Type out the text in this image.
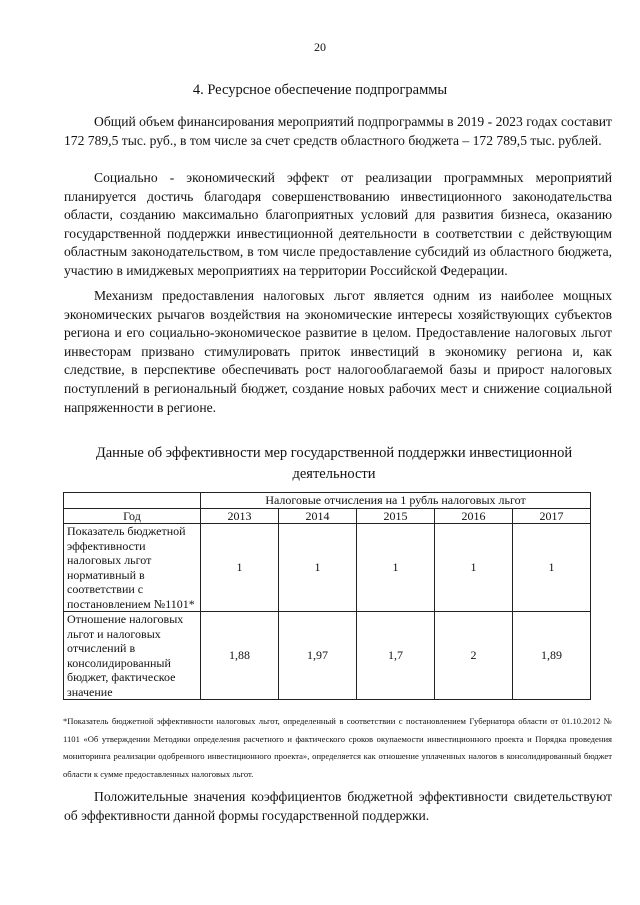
20
4. Ресурсное обеспечение подпрограммы

Общий объем финансирования мероприятий подпрограммы в 2019 - 2023 годах составит 172 789,5 тыс. руб., в том числе за счет средств областного бюджета – 172 789,5 тыс. рублей.

Социально - экономический эффект от реализации программных мероприятий планируется достичь благодаря совершенствованию инвестиционного законодательства области, созданию максимально благоприятных условий для развития бизнеса, оказанию государственной поддержки инвестиционной деятельности в соответствии с действующим областным законодательством, в том числе предоставление субсидий из областного бюджета, участию в имиджевых мероприятиях на территории Российской Федерации.

Механизм предоставления налоговых льгот является одним из наиболее мощных экономических рычагов воздействия на экономические интересы хозяйствующих субъектов региона и его социально-экономическое развитие в целом. Предоставление налоговых льгот инвесторам призвано стимулировать приток инвестиций в экономику региона и, как следствие, в перспективе обеспечивать рост налогооблагаемой базы и прирост налоговых поступлений в региональный бюджет, создание новых рабочих мест и снижение социальной напряженности в регионе.

Данные об эффективности мер государственной поддержки инвестиционной деятельности
	Налоговые отчисления на 1 рубль налоговых льгот				
Год	2013	2014	2015	2016	2017
Показатель бюджетной эффективности налоговых льгот нормативный в соответствии с постановлением №1101*	1	1	1	1	1
Отношение налоговых льгот и налоговых отчислений в консолидированный бюджет, фактическое значение	1,88	1,97	1,7	2	1,89

*Показатель бюджетной эффективности налоговых льгот, определенный в соответствии с постановлением Губернатора области от 01.10.2012 № 1101 «Об утверждении Методики определения расчетного и фактического сроков окупаемости инвестиционного проекта и Порядка проведения мониторинга реализации одобренного инвестиционного проекта», определяется как отношение уплаченных налогов в консолидированный бюджет области к сумме предоставленных налоговых льгот.

Положительные значения коэффициентов бюджетной эффективности свидетельствуют об эффективности данной формы государственной поддержки.
